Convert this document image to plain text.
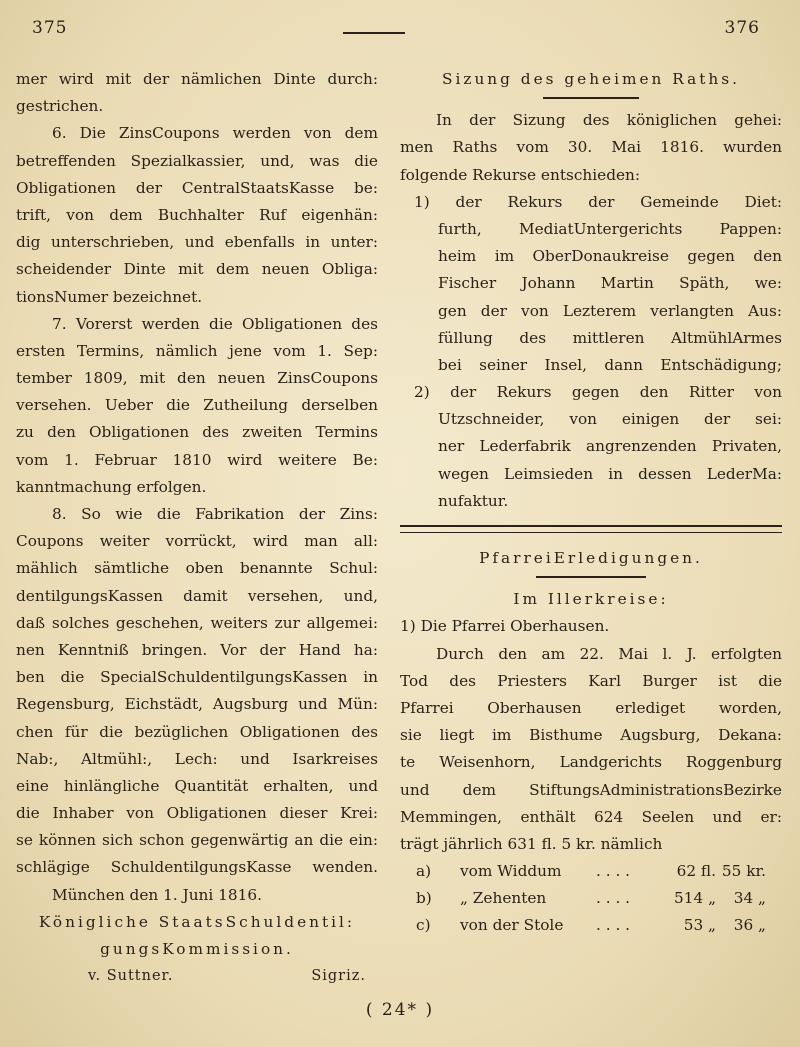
375	376
mer wird mit der nämlichen Dinte durch:
gestrichen.
6. Die ZinsCoupons werden von dem
betreffenden Spezialkassier, und, was die
Obligationen der CentralStaatsKasse be:
trift, von dem Buchhalter Ruf eigenhän:
dig unterschrieben, und ebenfalls in unter:
scheidender Dinte mit dem neuen Obliga:
tionsNumer bezeichnet.
7. Vorerst werden die Obligationen des
ersten Termins, nämlich jene vom 1. Sep:
tember 1809, mit den neuen ZinsCoupons
versehen. Ueber die Zutheilung derselben
zu den Obligationen des zweiten Termins
vom 1. Februar 1810 wird weitere Be:
kanntmachung erfolgen.
8. So wie die Fabrikation der Zins:
Coupons weiter vorrückt, wird man all:
mählich sämtliche oben benannte Schul:
dentilgungsKassen damit versehen, und,
daß solches geschehen, weiters zur allgemei:
nen Kenntniß bringen. Vor der Hand ha:
ben die SpecialSchuldentilgungsKassen in
Regensburg, Eichstädt, Augsburg und Mün:
chen für die bezüglichen Obligationen des
Nab:, Altmühl:, Lech: und Isarkreises
eine hinlängliche Quantität erhalten, und
die Inhaber von Obligationen dieser Krei:
se können sich schon gegenwärtig an die ein:
schlägige SchuldentilgungsKasse wenden.
München den 1. Juni 1816.
Königliche StaatsSchuldentil:
gungsKommission.
v. Suttner.	Sigriz.
Sizung des geheimen Raths.
In der Sizung des königlichen gehei:
men Raths vom 30. Mai 1816. wurden
folgende Rekurse entschieden:
1) der Rekurs der Gemeinde Diet:
furth, MediatUntergerichts Pappen:
heim im OberDonaukreise gegen den
Fischer Johann Martin Späth, we:
gen der von Lezterem verlangten Aus:
füllung des mittleren AltmühlArmes
bei seiner Insel, dann Entschädigung;
2) der Rekurs gegen den Ritter von
Utzschneider, von einigen der sei:
ner Lederfabrik angrenzenden Privaten,
wegen Leimsieden in dessen LederMa:
nufaktur.
PfarreiErledigungen.
Im Illerkreise:
1) Die Pfarrei Oberhausen.
Durch den am 22. Mai l. J. erfolgten
Tod des Priesters Karl Burger ist die
Pfarrei Oberhausen erlediget worden,
sie liegt im Bisthume Augsburg, Dekana:
te Weisenhorn, Landgerichts Roggenburg
und dem StiftungsAdministrationsBezirke
Memmingen, enthält 624 Seelen und er:
trägt jährlich 631 fl. 5 kr. nämlich
a)	vom Widdum	. . . .	62 fl. 55 kr.
b)	„ Zehenten	. . . .	514 „	34 „
c)	von der Stole	. . . .	53 „	36 „
( 24* )
